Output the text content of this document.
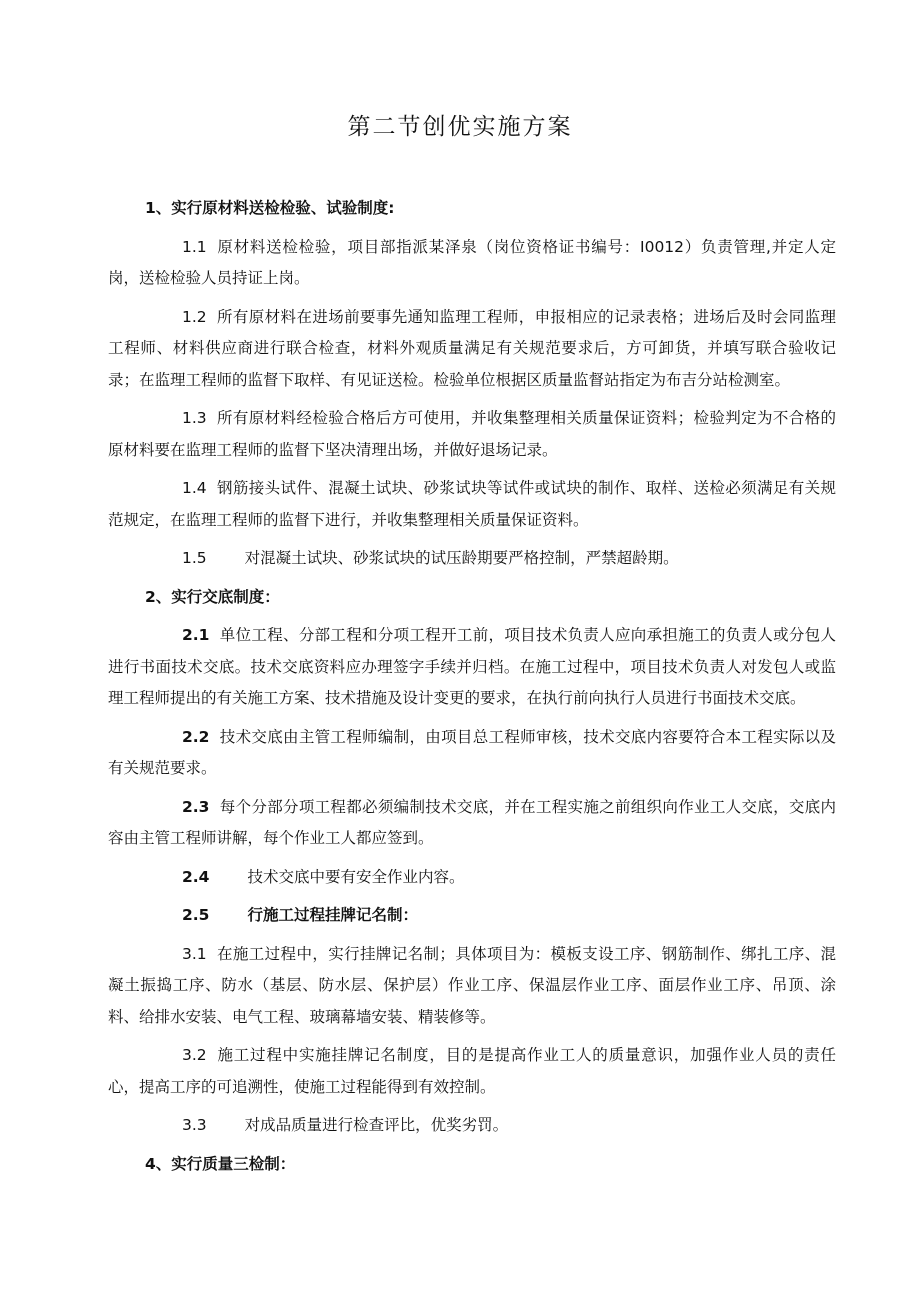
第二节创优实施方案

1、实行原材料送检检验、试验制度:

1.1 原材料送检检验，项目部指派某泽泉（岗位资格证书编号：I0012）负责管理,并定人定岗，送检检验人员持证上岗。

1.2 所有原材料在进场前要事先通知监理工程师，申报相应的记录表格；进场后及时会同监理工程师、材料供应商进行联合检查，材料外观质量满足有关规范要求后，方可卸货，并填写联合验收记录；在监理工程师的监督下取样、有见证送检。检验单位根据区质量监督站指定为布吉分站检测室。

1.3 所有原材料经检验合格后方可使用，并收集整理相关质量保证资料；检验判定为不合格的原材料要在监理工程师的监督下坚决清理出场，并做好退场记录。

1.4 钢筋接头试件、混凝土试块、砂浆试块等试件或试块的制作、取样、送检必须满足有关规范规定，在监理工程师的监督下进行，并收集整理相关质量保证资料。

1.5 对混凝土试块、砂浆试块的试压龄期要严格控制，严禁超龄期。

2、实行交底制度：

2.1 单位工程、分部工程和分项工程开工前，项目技术负责人应向承担施工的负责人或分包人进行书面技术交底。技术交底资料应办理签字手续并归档。在施工过程中，项目技术负责人对发包人或监理工程师提出的有关施工方案、技术措施及设计变更的要求，在执行前向执行人员进行书面技术交底。

2.2 技术交底由主管工程师编制，由项目总工程师审核，技术交底内容要符合本工程实际以及有关规范要求。

2.3 每个分部分项工程都必须编制技术交底，并在工程实施之前组织向作业工人交底，交底内容由主管工程师讲解，每个作业工人都应签到。

2.4 技术交底中要有安全作业内容。

2.5 行施工过程挂牌记名制：

3.1 在施工过程中，实行挂牌记名制；具体项目为：模板支设工序、钢筋制作、绑扎工序、混凝土振捣工序、防水（基层、防水层、保护层）作业工序、保温层作业工序、面层作业工序、吊顶、涂料、给排水安装、电气工程、玻璃幕墙安装、精装修等。

3.2 施工过程中实施挂牌记名制度，目的是提高作业工人的质量意识，加强作业人员的责任心，提高工序的可追溯性，使施工过程能得到有效控制。

3.3 对成品质量进行检查评比，优奖劣罚。

4、实行质量三检制：
